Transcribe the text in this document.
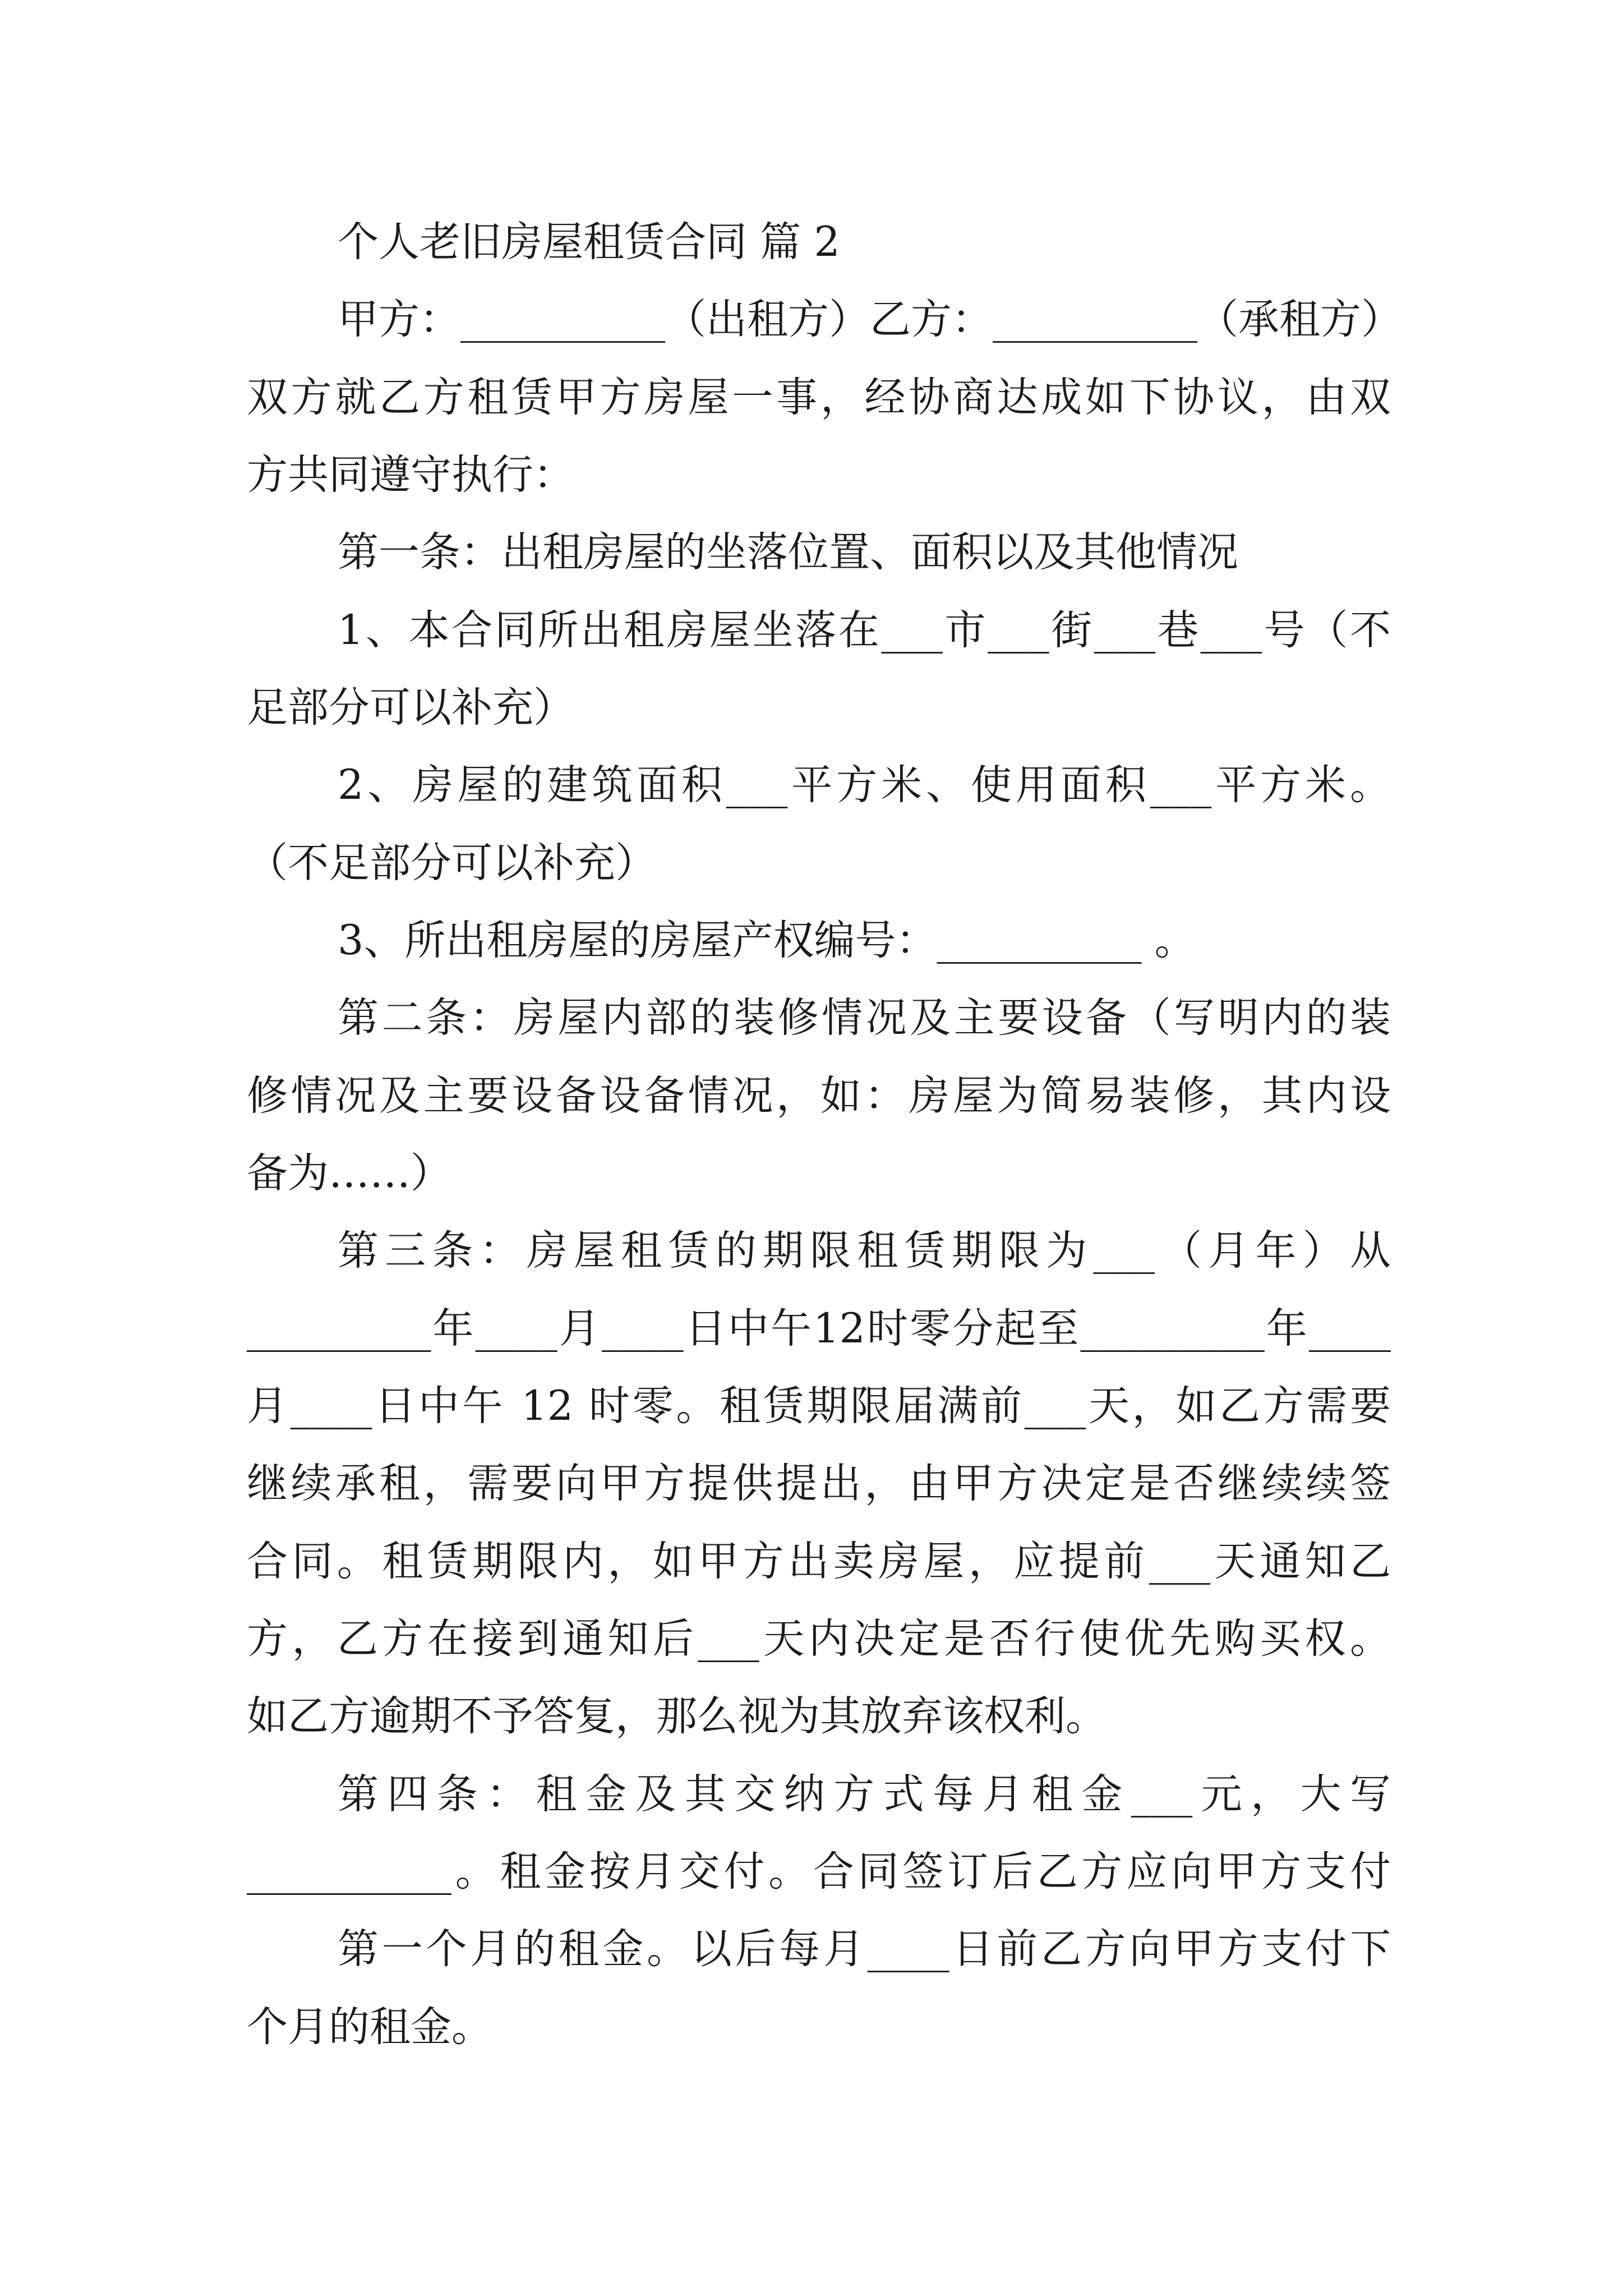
个人老旧房屋租赁合同 篇 2
甲方：__________（出租方）乙方：__________（承租方）
双方就乙方租赁甲方房屋一事，经协商达成如下协议，由双
方共同遵守执行：
第一条：出租房屋的坐落位置、面积以及其他情况
1、本合同所出租房屋坐落在___市___街___巷___号（不
足部分可以补充）
2、房屋的建筑面积___平方米、使用面积___平方米。
（不足部分可以补充）
3、所出租房屋的房屋产权编号：__________ 。
第二条：房屋内部的装修情况及主要设备（写明内的装
修情况及主要设备设备情况，如：房屋为简易装修，其内设
备为……）
第三条：房屋租赁的期限租赁期限为___（月年）从
_________年____月____日中午12时零分起至_________年____
月____日中午 12 时零。租赁期限届满前___天，如乙方需要
继续承租，需要向甲方提供提出，由甲方决定是否继续续签
合同。租赁期限内，如甲方出卖房屋，应提前___天通知乙
方，乙方在接到通知后___天内决定是否行使优先购买权。
如乙方逾期不予答复，那么视为其放弃该权利。
第四条：租金及其交纳方式每月租金___元，大写
__________。租金按月交付。合同签订后乙方应向甲方支付
第一个月的租金。以后每月____日前乙方向甲方支付下
个月的租金。
